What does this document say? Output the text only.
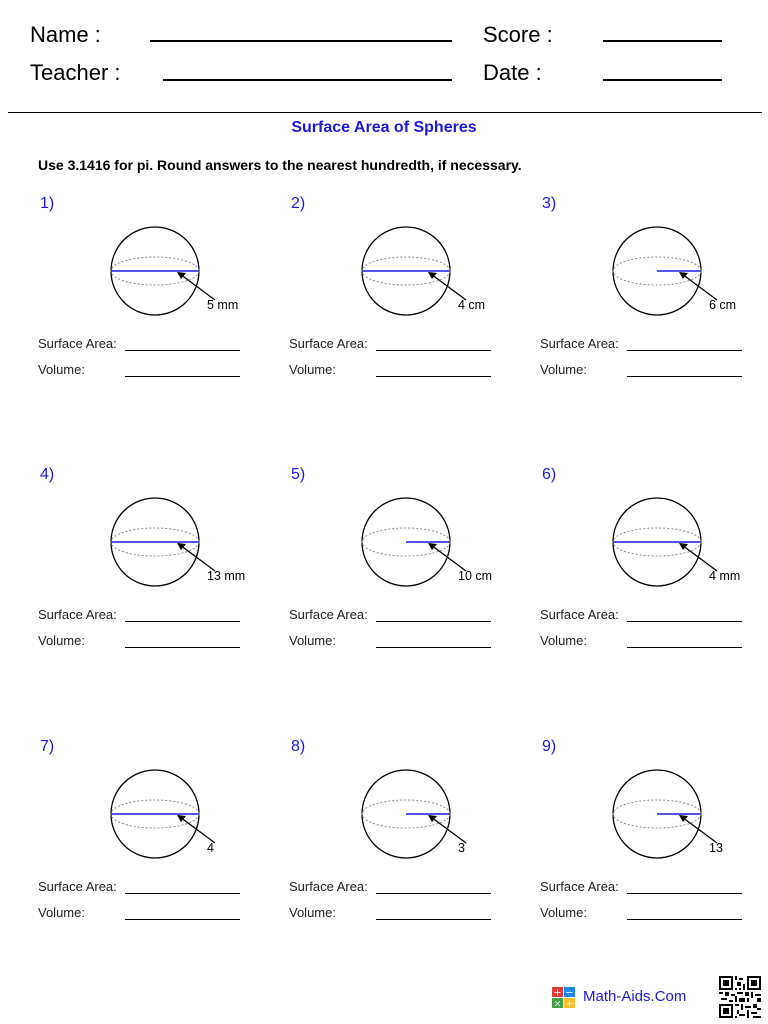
Name :
Teacher :
Score :
Date :
Surface Area of Spheres
Use 3.1416 for pi. Round answers to the nearest hundredth, if necessary.
1)
5 mm
Surface Area:
Volume:
2)
4 cm
Surface Area:
Volume:
3)
6 cm
Surface Area:
Volume:
4)
13 mm
Surface Area:
Volume:
5)
10 cm
Surface Area:
Volume:
6)
4 mm
Surface Area:
Volume:
7)
4
Surface Area:
Volume:
8)
3
Surface Area:
Volume:
9)
13
Surface Area:
Volume:
+ −
× ÷ Math-Aids.Com
